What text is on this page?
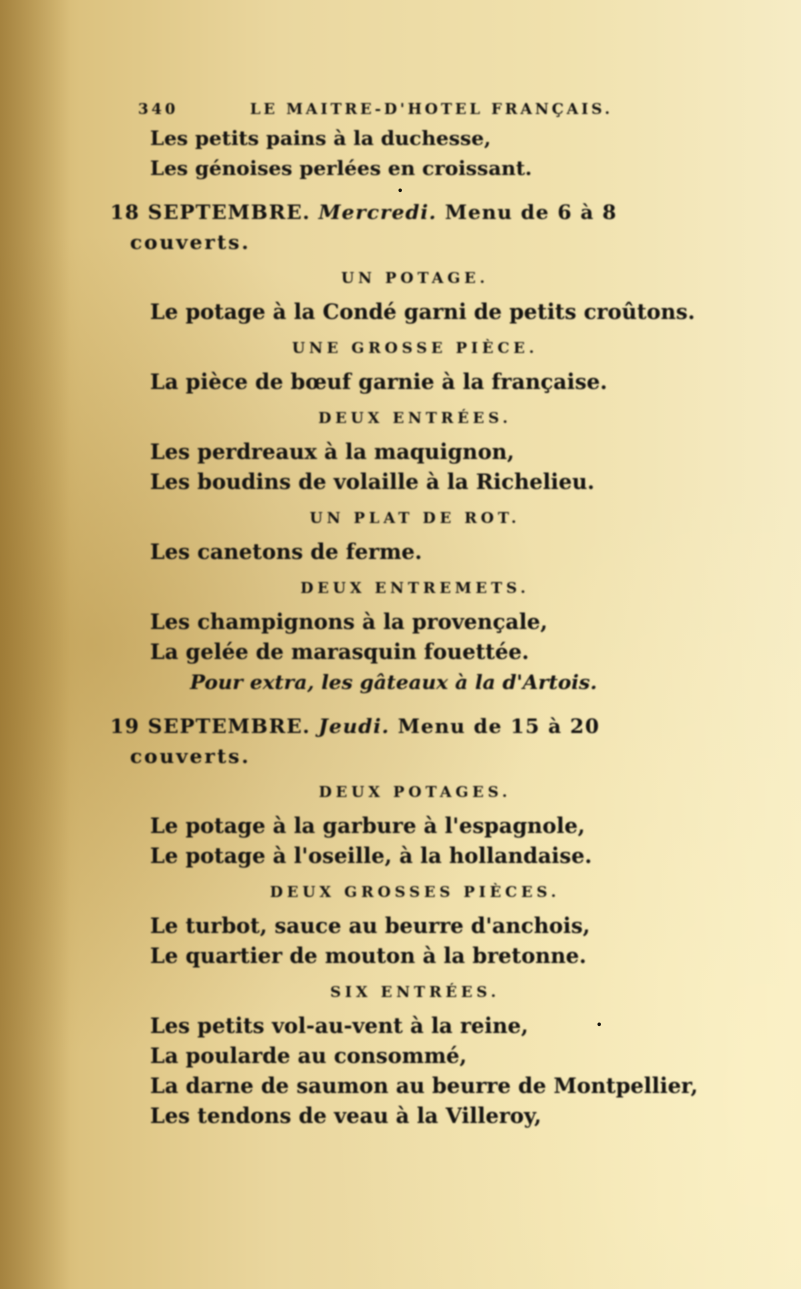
340	LE MAITRE-D'HOTEL FRANÇAIS.
Les petits pains à la duchesse,
Les génoises perlées en croissant.
18 SEPTEMBRE. Mercredi. Menu de 6 à 8
couverts.
UN POTAGE.
Le potage à la Condé garni de petits croûtons.
UNE GROSSE PIÈCE.
La pièce de bœuf garnie à la française.
DEUX ENTRÉES.
Les perdreaux à la maquignon,
Les boudins de volaille à la Richelieu.
UN PLAT DE ROT.
Les canetons de ferme.
DEUX ENTREMETS.
Les champignons à la provençale,
La gelée de marasquin fouettée.
Pour extra, les gâteaux à la d'Artois.
19 SEPTEMBRE. Jeudi. Menu de 15 à 20
couverts.
DEUX POTAGES.
Le potage à la garbure à l'espagnole,
Le potage à l'oseille, à la hollandaise.
DEUX GROSSES PIÈCES.
Le turbot, sauce au beurre d'anchois,
Le quartier de mouton à la bretonne.
SIX ENTRÉES.
Les petits vol-au-vent à la reine,
La poularde au consommé,
La darne de saumon au beurre de Montpellier,
Les tendons de veau à la Villeroy,
•
•
